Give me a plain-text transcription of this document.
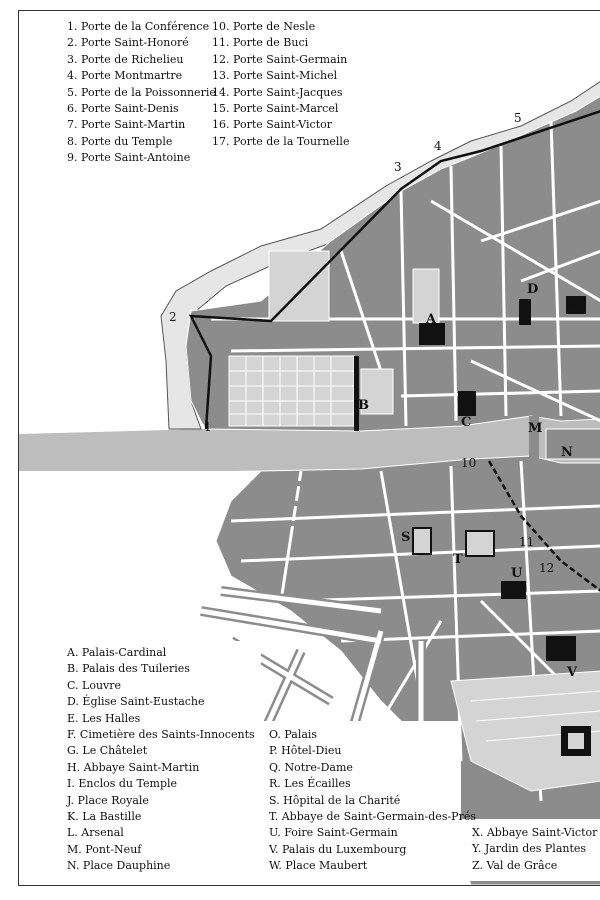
1
2
3
4
5
10
11
12
A
B
C
D
E
M
N
S
T
U
V
1. Porte de la Conférence
2. Porte Saint-Honoré
3. Porte de Richelieu
4. Porte Montmartre
5. Porte de la Poissonnerie
6. Porte Saint-Denis
7. Porte Saint-Martin
8. Porte du Temple
9. Porte Saint-Antoine
10. Porte de Nesle
11. Porte de Buci
12. Porte Saint-Germain
13. Porte Saint-Michel
14. Porte Saint-Jacques
15. Porte Saint-Marcel
16. Porte Saint-Victor
17. Porte de la Tournelle
A. Palais-Cardinal
B. Palais des Tuileries
C. Louvre
D. Église Saint-Eustache
E. Les Halles
F. Cimetière des Saints-Innocents
G. Le Châtelet
H. Abbaye Saint-Martin
I. Enclos du Temple
J. Place Royale
K. La Bastille
L. Arsenal
M. Pont-Neuf
N. Place Dauphine
O. Palais
P. Hôtel-Dieu
Q. Notre-Dame
R. Les Écailles
S. Hôpital de la Charité
T. Abbaye de Saint-Germain-des-Prés
U. Foire Saint-Germain
V. Palais du Luxembourg
W. Place Maubert
X. Abbaye Saint-Victor
Y. Jardin des Plantes
Z. Val de Grâce
